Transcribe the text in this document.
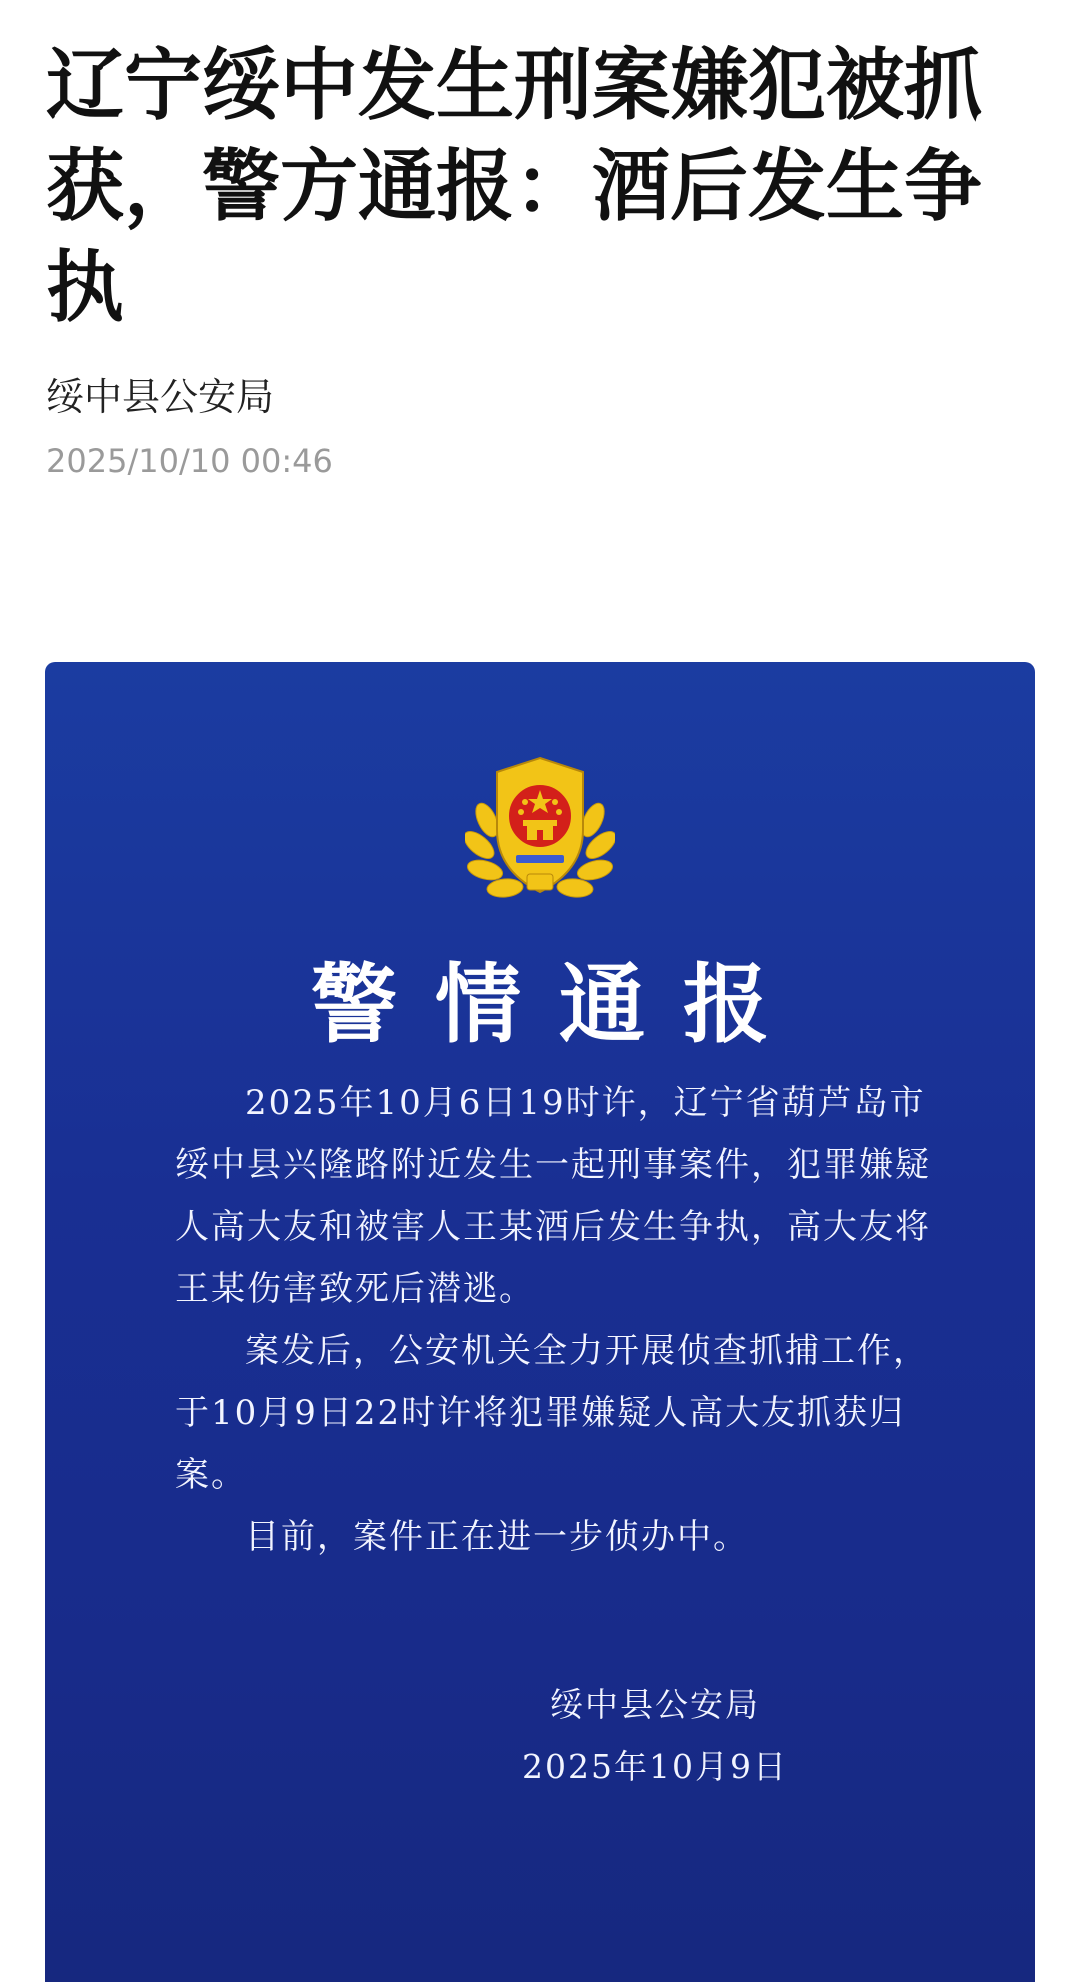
辽宁绥中发生刑案嫌犯被抓获，警方通报：酒后发生争执
绥中县公安局
2025/10/10 00:46
警情通报

2025年10月6日19时许，辽宁省葫芦岛市绥中县兴隆路附近发生一起刑事案件，犯罪嫌疑人高大友和被害人王某酒后发生争执，高大友将王某伤害致死后潜逃。

案发后，公安机关全力开展侦查抓捕工作，于10月9日22时许将犯罪嫌疑人高大友抓获归案。

目前，案件正在进一步侦办中。

绥中县公安局
2025年10月9日
